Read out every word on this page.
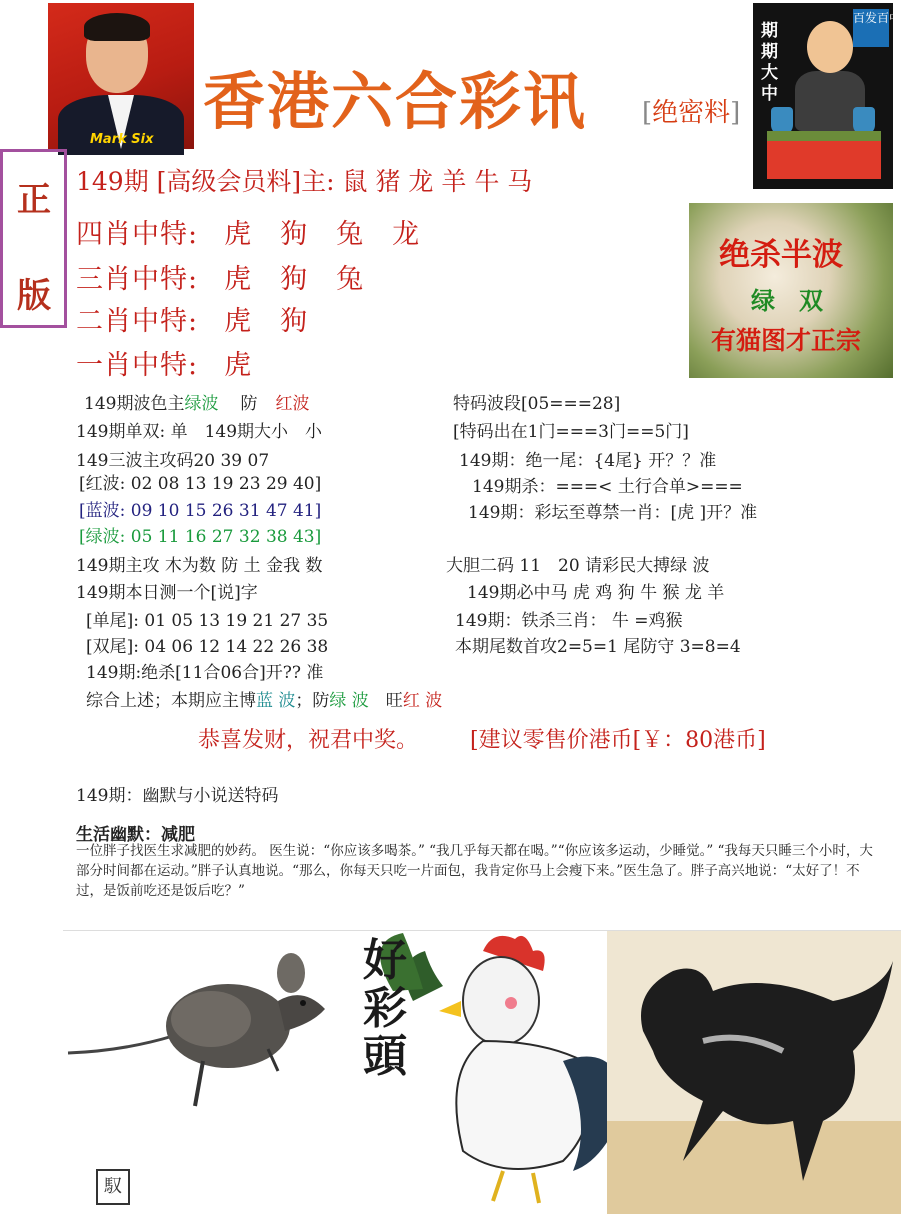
Mark Six
香港六合彩讯 [绝密料]
期期大中
百发百中
正
版
149期 [高级会员料]主: 鼠 猪 龙 羊 牛 马
四肖中特: 虎　狗　兔　龙
三肖中特: 虎　狗　兔
二肖中特: 虎　狗
一肖中特: 虎
绝杀半波
绿　双
有猫图才正宗
149期波色主绿波 防 红波
149期单双: 单　149期大小　小
149三波主攻码20 39 07
[红波: 02 08 13 19 23 29 40]
[蓝波: 09 10 15 26 31 47 41]
[绿波: 05 11 16 27 32 38 43]
149期主攻 木为数 防 土 金我 数
149期本日测一个[说]字
[单尾]: 01 05 13 19 21 27 35
[双尾]: 04 06 12 14 22 26 38
149期:绝杀[11合06合]开?? 准
综合上述；本期应主博蓝 波；防绿 波　旺红 波
特码波段[05===28]
[特码出在1门===3门==5门]
149期：绝一尾：{4尾} 开？？准
149期杀：===< 土行合单>===
149期：彩坛至尊禁一肖：[虎 ]开？准
大胆二码 11　20 请彩民大搏绿 波
149期必中马 虎 鸡 狗 牛 猴 龙 羊
149期：铁杀三肖： 牛 =鸡猴
本期尾数首攻2=5=1 尾防守 3=8=4
恭喜发财，祝君中奖。 [建议零售价港币[￥：80港币]
149期：幽默与小说送特码
生活幽默：减肥
一位胖子找医生求减肥的妙药。 医生说：“你应该多喝茶。” “我几乎每天都在喝。”“你应该多运动，少睡觉。” “我每天只睡三个小时，大部分时间都在运动。”胖子认真地说。“那么，你每天只吃一片面包，我肯定你马上会瘦下来。”医生急了。胖子高兴地说：“太好了！不过，是饭前吃还是饭后吃？”
好彩頭
馭
